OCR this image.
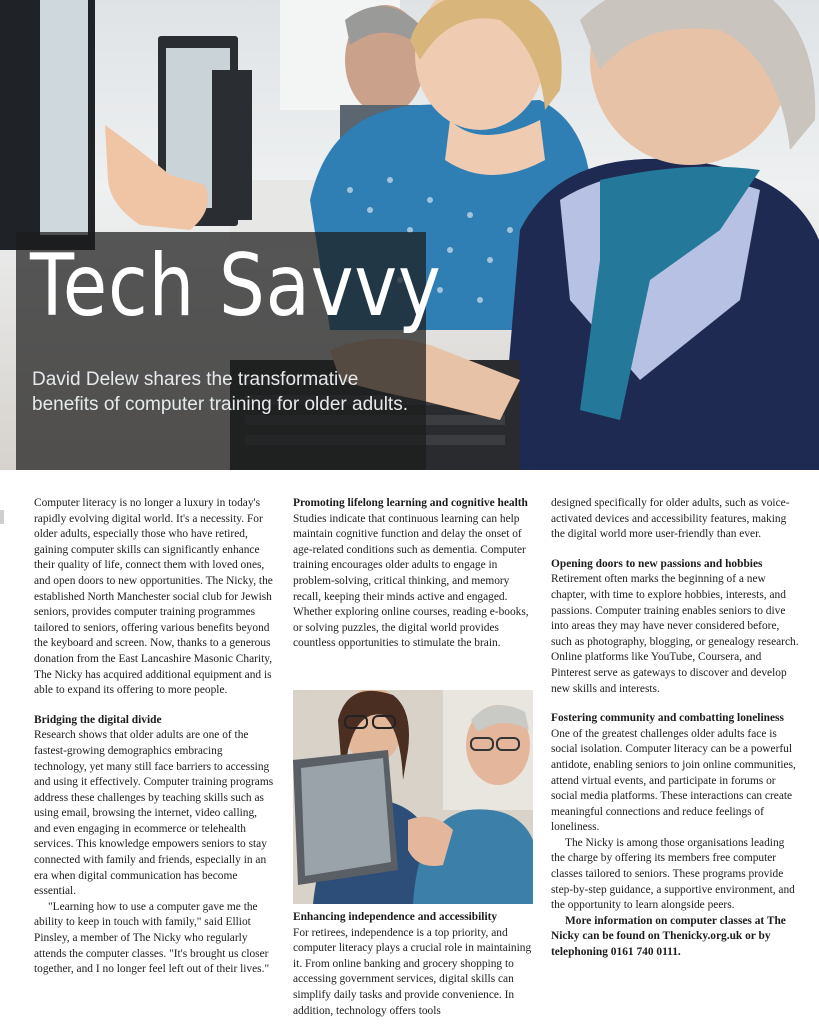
Tech Savvy
David Delew shares the transformative benefits of computer training for older adults.

Computer literacy is no longer a luxury in today's rapidly evolving digital world. It's a necessity. For older adults, especially those who have retired, gaining computer skills can significantly enhance their quality of life, connect them with loved ones, and open doors to new opportunities. The Nicky, the established North Manchester social club for Jewish seniors, provides computer training programmes tailored to seniors, offering various benefits beyond the keyboard and screen. Now, thanks to a generous donation from the East Lancashire Masonic Charity, The Nicky has acquired additional equipment and is able to expand its offering to more people.

Bridging the digital divide

Research shows that older adults are one of the fastest-growing demographics embracing technology, yet many still face barriers to accessing and using it effectively. Computer training programs address these challenges by teaching skills such as using email, browsing the internet, video calling, and even engaging in ecommerce or telehealth services. This knowledge empowers seniors to stay connected with family and friends, especially in an era when digital communication has become essential.

"Learning how to use a computer gave me the ability to keep in touch with family," said Elliot Pinsley, a member of The Nicky who regularly attends the computer classes. "It's brought us closer together, and I no longer feel left out of their lives."

Promoting lifelong learning and cognitive health

Studies indicate that continuous learning can help maintain cognitive function and delay the onset of age-related conditions such as dementia. Computer training encourages older adults to engage in problem-solving, critical thinking, and memory recall, keeping their minds active and engaged. Whether exploring online courses, reading e-books, or solving puzzles, the digital world provides countless opportunities to stimulate the brain.

Enhancing independence and accessibility

For retirees, independence is a top priority, and computer literacy plays a crucial role in maintaining it. From online banking and grocery shopping to accessing government services, digital skills can simplify daily tasks and provide convenience. In addition, technology offers tools

designed specifically for older adults, such as voice-activated devices and accessibility features, making the digital world more user-friendly than ever.

Opening doors to new passions and hobbies

Retirement often marks the beginning of a new chapter, with time to explore hobbies, interests, and passions. Computer training enables seniors to dive into areas they may have never considered before, such as photography, blogging, or genealogy research. Online platforms like YouTube, Coursera, and Pinterest serve as gateways to discover and develop new skills and interests.

Fostering community and combatting loneliness

One of the greatest challenges older adults face is social isolation. Computer literacy can be a powerful antidote, enabling seniors to join online communities, attend virtual events, and participate in forums or social media platforms. These interactions can create meaningful connections and reduce feelings of loneliness.

The Nicky is among those organisations leading the charge by offering its members free computer classes tailored to seniors. These programs provide step-by-step guidance, a supportive environment, and the opportunity to learn alongside peers.

More information on computer classes at The Nicky can be found on Thenicky.org.uk or by telephoning 0161 740 0111.
